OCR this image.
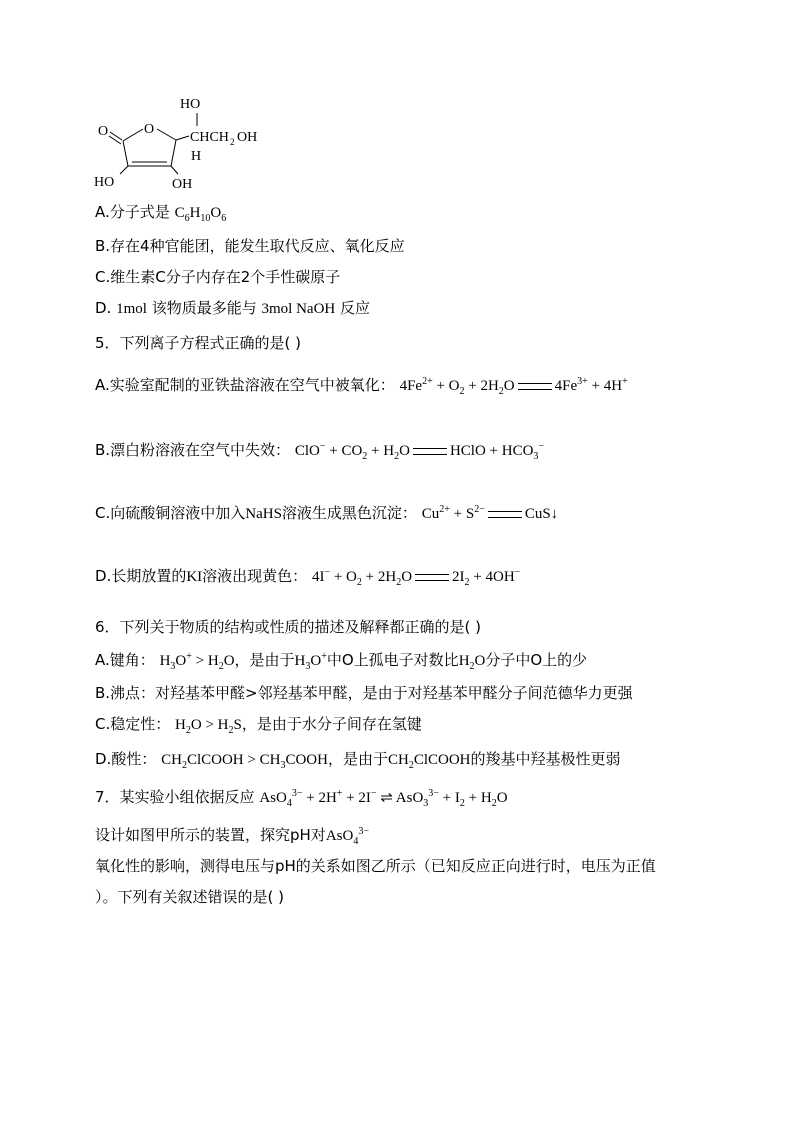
HO
CHCH 2 OH
H
O	O
HO	OH
A.分子式是 $C_6H_{10}O_6$
B.存在4种官能团，能发生取代反应、氧化反应
C.维生素C分子内存在2个手性碳原子
D. 1mol 该物质最多能与 3mol NaOH 反应
5．下列离子方程式正确的是( )
A.实验室配制的亚铁盐溶液在空气中被氧化： $4Fe^{2+} + O_2 + 2H_2O$	$4Fe^{3+} + 4H^+$
B.漂白粉溶液在空气中失效： $ClO^- + CO_2 + H_2O$	HClO + $HCO_3^-$
C.向硫酸铜溶液中加入NaHS溶液生成黑色沉淀： $Cu^{2+} + S^{2-}$	CuS↓
D.长期放置的KI溶液出现黄色： $4I^- + O_2 + 2H_2O$	$2I_2 + 4OH^-$
6．下列关于物质的结构或性质的描述及解释都正确的是( )
A.键角： $H_3O^+ > H_2O$，是由于$H_3O^+$中O上孤电子对数比$H_2O$分子中O上的少
B.沸点：对羟基苯甲醛>邻羟基苯甲醛，是由于对羟基苯甲醛分子间范德华力更强
C.稳定性： $H_2O > H_2S$，是由于水分子间存在氢键
D.酸性： $CH_2ClCOOH$ > $CH_3COOH$，是由于$CH_2ClCOOH$的羧基中羟基极性更弱
7．某实验小组依据反应 AsO$_4^{3-}$ + 2H+ + 2I− ⇌ $AsO_3^{3-} + I_2 + H_2O$
设计如图甲所示的装置，探究pH对AsO$_4^{3-}$
氧化性的影响，测得电压与pH的关系如图乙所示（已知反应正向进行时，电压为正值
）。下列有关叙述错误的是( )
